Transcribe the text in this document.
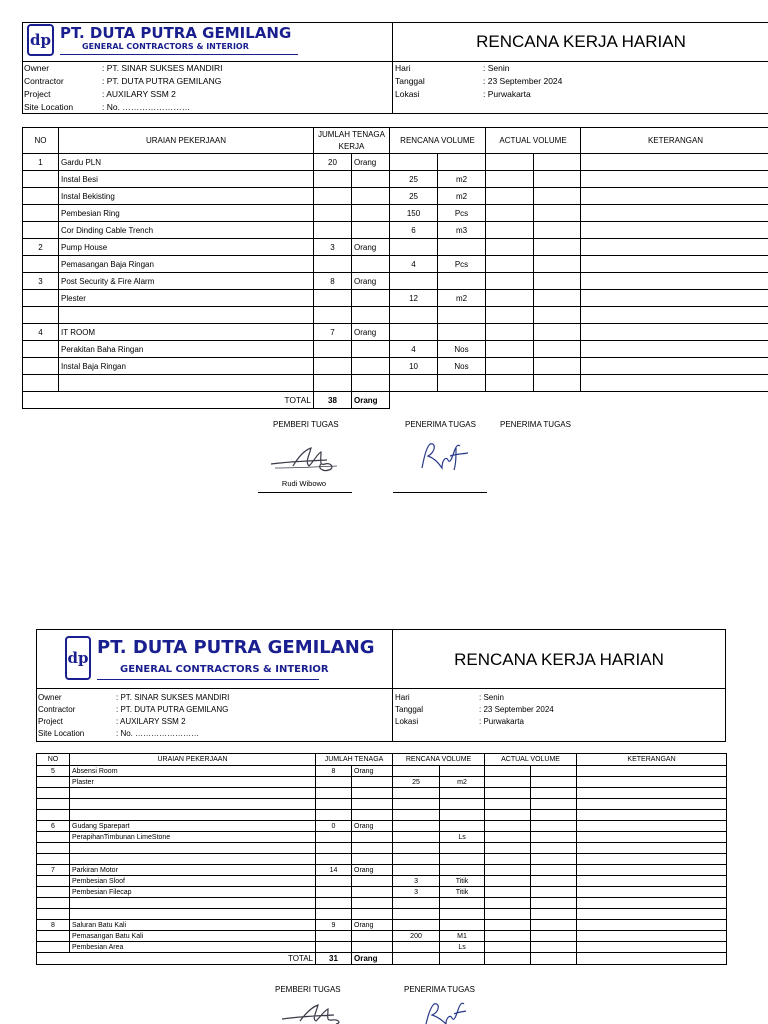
dp PT. DUTA PUTRA GEMILANG
GENERAL CONTRACTORS & INTERIOR	RENCANA KERJA HARIAN
Owner	: PT. SINAR SUKSES MANDIRI
Contractor	: PT. DUTA PUTRA GEMILANG
Project	: AUXILARY SSM 2
Site Location	: No. ……………………
Hari	: Senin
Tanggal	: 23 September 2024
Lokasi	: Purwakarta
NO	URAIAN PEKERJAAN	JUMLAH TENAGA KERJA		RENCANA VOLUME		ACTUAL VOLUME		KETERANGAN
1	Gardu PLN	20	Orang					
	Instal Besi			25	m2			
	Instal Bekisting			25	m2			
	Pembesian Ring			150	Pcs			
	Cor Dinding Cable Trench			6	m3			
2	Pump House	3	Orang					
	Pemasangan Baja Ringan			4	Pcs			
3	Post Security & Fire Alarm	8	Orang					
	Plester			12	m2			

4	IT ROOM	7	Orang					
	Perakitan Baha Ringan			4	Nos			
	Instal Baja Ringan			10	Nos			

TOTAL		38	Orang					
PEMBERI TUGAS	PENERIMA TUGAS	PENERIMA TUGAS
Rudi Wibowo
dp
PT. DUTA PUTRA GEMILANG
GENERAL CONTRACTORS & INTERIOR	RENCANA KERJA HARIAN
Owner	: PT. SINAR SUKSES MANDIRI
Contractor	: PT. DUTA PUTRA GEMILANG
Project	: AUXILARY SSM 2
Site Location	: No. ……………………
Hari	: Senin
Tanggal	: 23 September 2024
Lokasi	: Purwakarta
NO	URAIAN PEKERJAAN	JUMLAH TENAGA		RENCANA VOLUME		ACTUAL VOLUME		KETERANGAN
5	Absensi Room	8	Orang					
	Plaster			25	m2			

6	Gudang Sparepart	0	Orang					
	PerapihanTimbunan LimeStone				Ls			

7	Parkiran Motor	14	Orang					
	Pembesian Sloof			3	Titik			
	Pembesian Filecap			3	Titik			

8	Saluran Batu Kali	9	Orang					
	Pemasangan Batu Kali			200	M1			
	Pembesian Area				Ls			
TOTAL		31	Orang					
PEMBERI TUGAS	PENERIMA TUGAS
